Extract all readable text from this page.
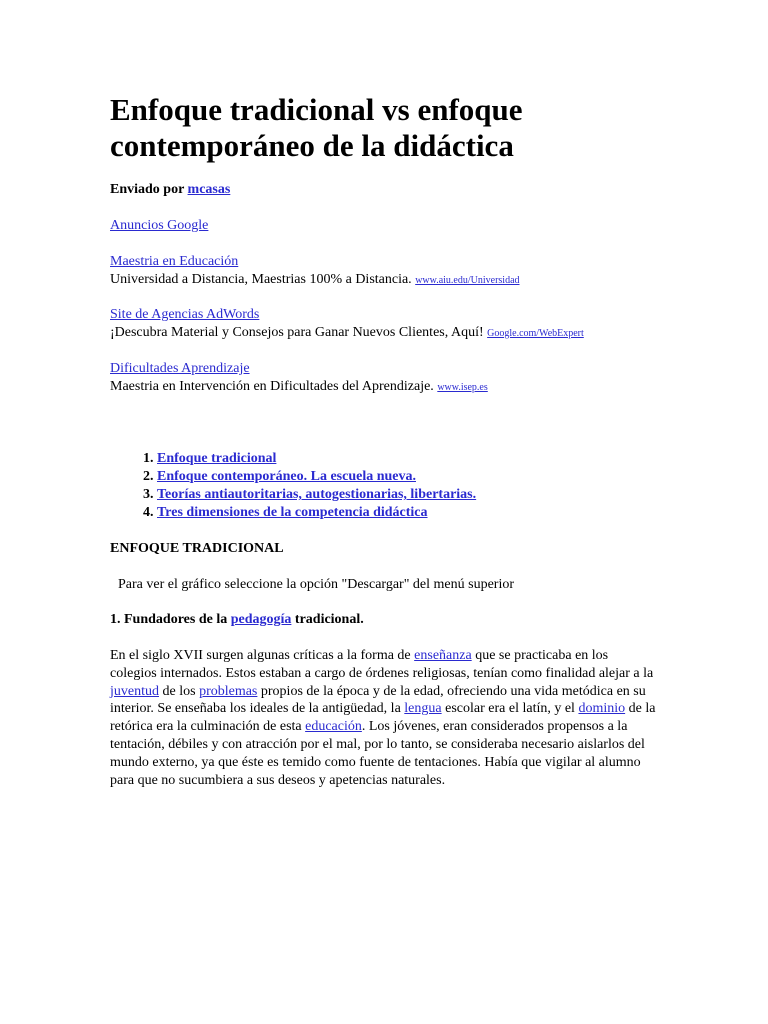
Enfoque tradicional vs enfoque contemporáneo de la didáctica

Enviado por mcasas

Anuncios Google
Maestria en Educación
Universidad a Distancia, Maestrias 100% a Distancia. www.aiu.edu/Universidad
Site de Agencias AdWords
¡Descubra Material y Consejos para Ganar Nuevos Clientes, Aquí! Google.com/WebExpert
Dificultades Aprendizaje
Maestria en Intervención en Dificultades del Aprendizaje. www.isep.es
1. Enfoque tradicional
2. Enfoque contemporáneo. La escuela nueva.
3. Teorías antiautoritarias, autogestionarias, libertarias.
4. Tres dimensiones de la competencia didáctica

ENFOQUE TRADICIONAL

Para ver el gráfico seleccione la opción "Descargar" del menú superior

1. Fundadores de la pedagogía tradicional.

En el siglo XVII surgen algunas críticas a la forma de enseñanza que se practicaba en los colegios internados. Estos estaban a cargo de órdenes religiosas, tenían como finalidad alejar a la juventud de los problemas propios de la época y de la edad, ofreciendo una vida metódica en su interior. Se enseñaba los ideales de la antigüedad, la lengua escolar era el latín, y el dominio de la retórica era la culminación de esta educación. Los jóvenes, eran considerados propensos a la tentación, débiles y con atracción por el mal, por lo tanto, se consideraba necesario aislarlos del mundo externo, ya que éste es temido como fuente de tentaciones. Había que vigilar al alumno para que no sucumbiera a sus deseos y apetencias naturales.
